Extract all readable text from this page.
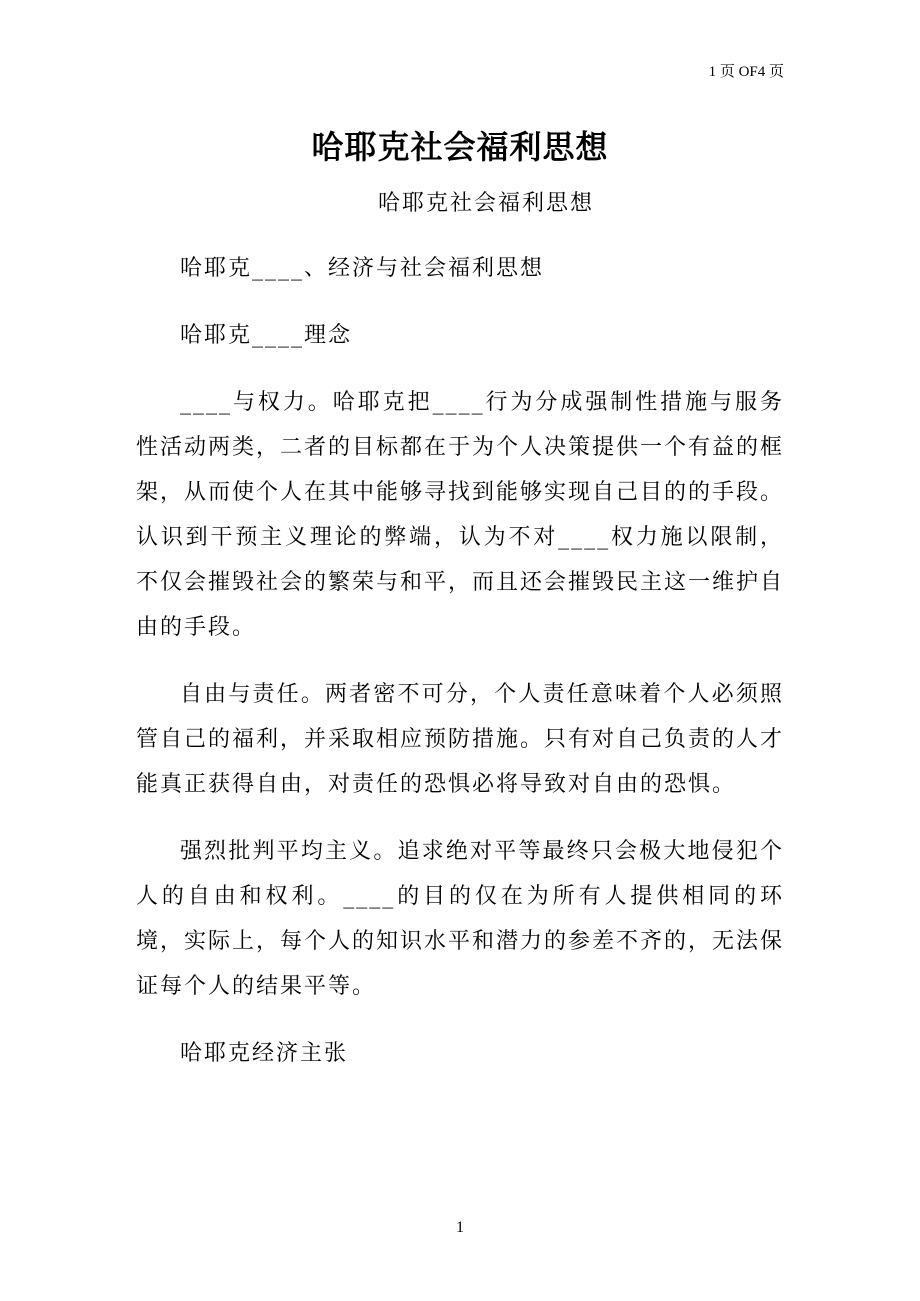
1 页 OF4 页
哈耶克社会福利思想
哈耶克社会福利思想

哈耶克____、经济与社会福利思想

哈耶克____理念

____与权力。哈耶克把____行为分成强制性措施与服务性活动两类，二者的目标都在于为个人决策提供一个有益的框架，从而使个人在其中能够寻找到能够实现自己目的的手段。认识到干预主义理论的弊端，认为不对____权力施以限制，不仅会摧毁社会的繁荣与和平，而且还会摧毁民主这一维护自由的手段。

自由与责任。两者密不可分，个人责任意味着个人必须照管自己的福利，并采取相应预防措施。只有对自己负责的人才能真正获得自由，对责任的恐惧必将导致对自由的恐惧。

强烈批判平均主义。追求绝对平等最终只会极大地侵犯个人的自由和权利。____的目的仅在为所有人提供相同的环境，实际上，每个人的知识水平和潜力的参差不齐的，无法保证每个人的结果平等。

哈耶克经济主张

1
